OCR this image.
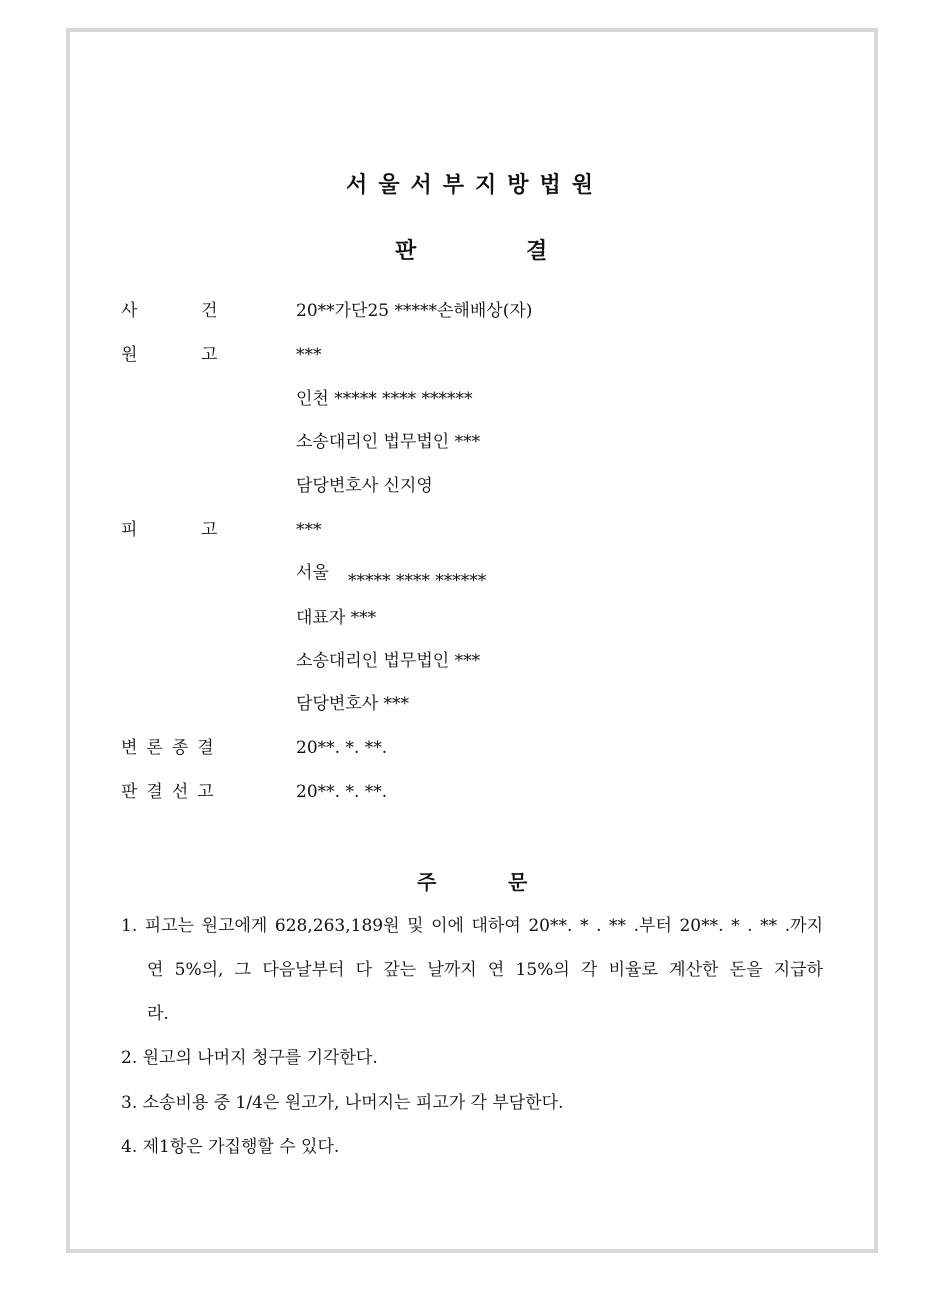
서울서부지방법원
판	결
사	건	20**가단25 *****손해배상(자)
원	고	***
인천 ***** **** ******
소송대리인 법무법인 ***
담당변호사 신지영
피	고	***
서울 ***** **** ******
대표자 ***
소송대리인 법무법인 ***
담당변호사 ***
변론종결	20**. *. **.
판결선고	20**. *. **.
주	문
1. 피고는 원고에게 628,263,189원 및 이에 대하여 20**. * . ** .부터 20**. * . ** .까지
연 5%의, 그 다음날부터 다 갚는 날까지 연 15%의 각 비율로 계산한 돈을 지급하
라.
2. 원고의 나머지 청구를 기각한다.
3. 소송비용 중 1/4은 원고가, 나머지는 피고가 각 부담한다.
4. 제1항은 가집행할 수 있다.
